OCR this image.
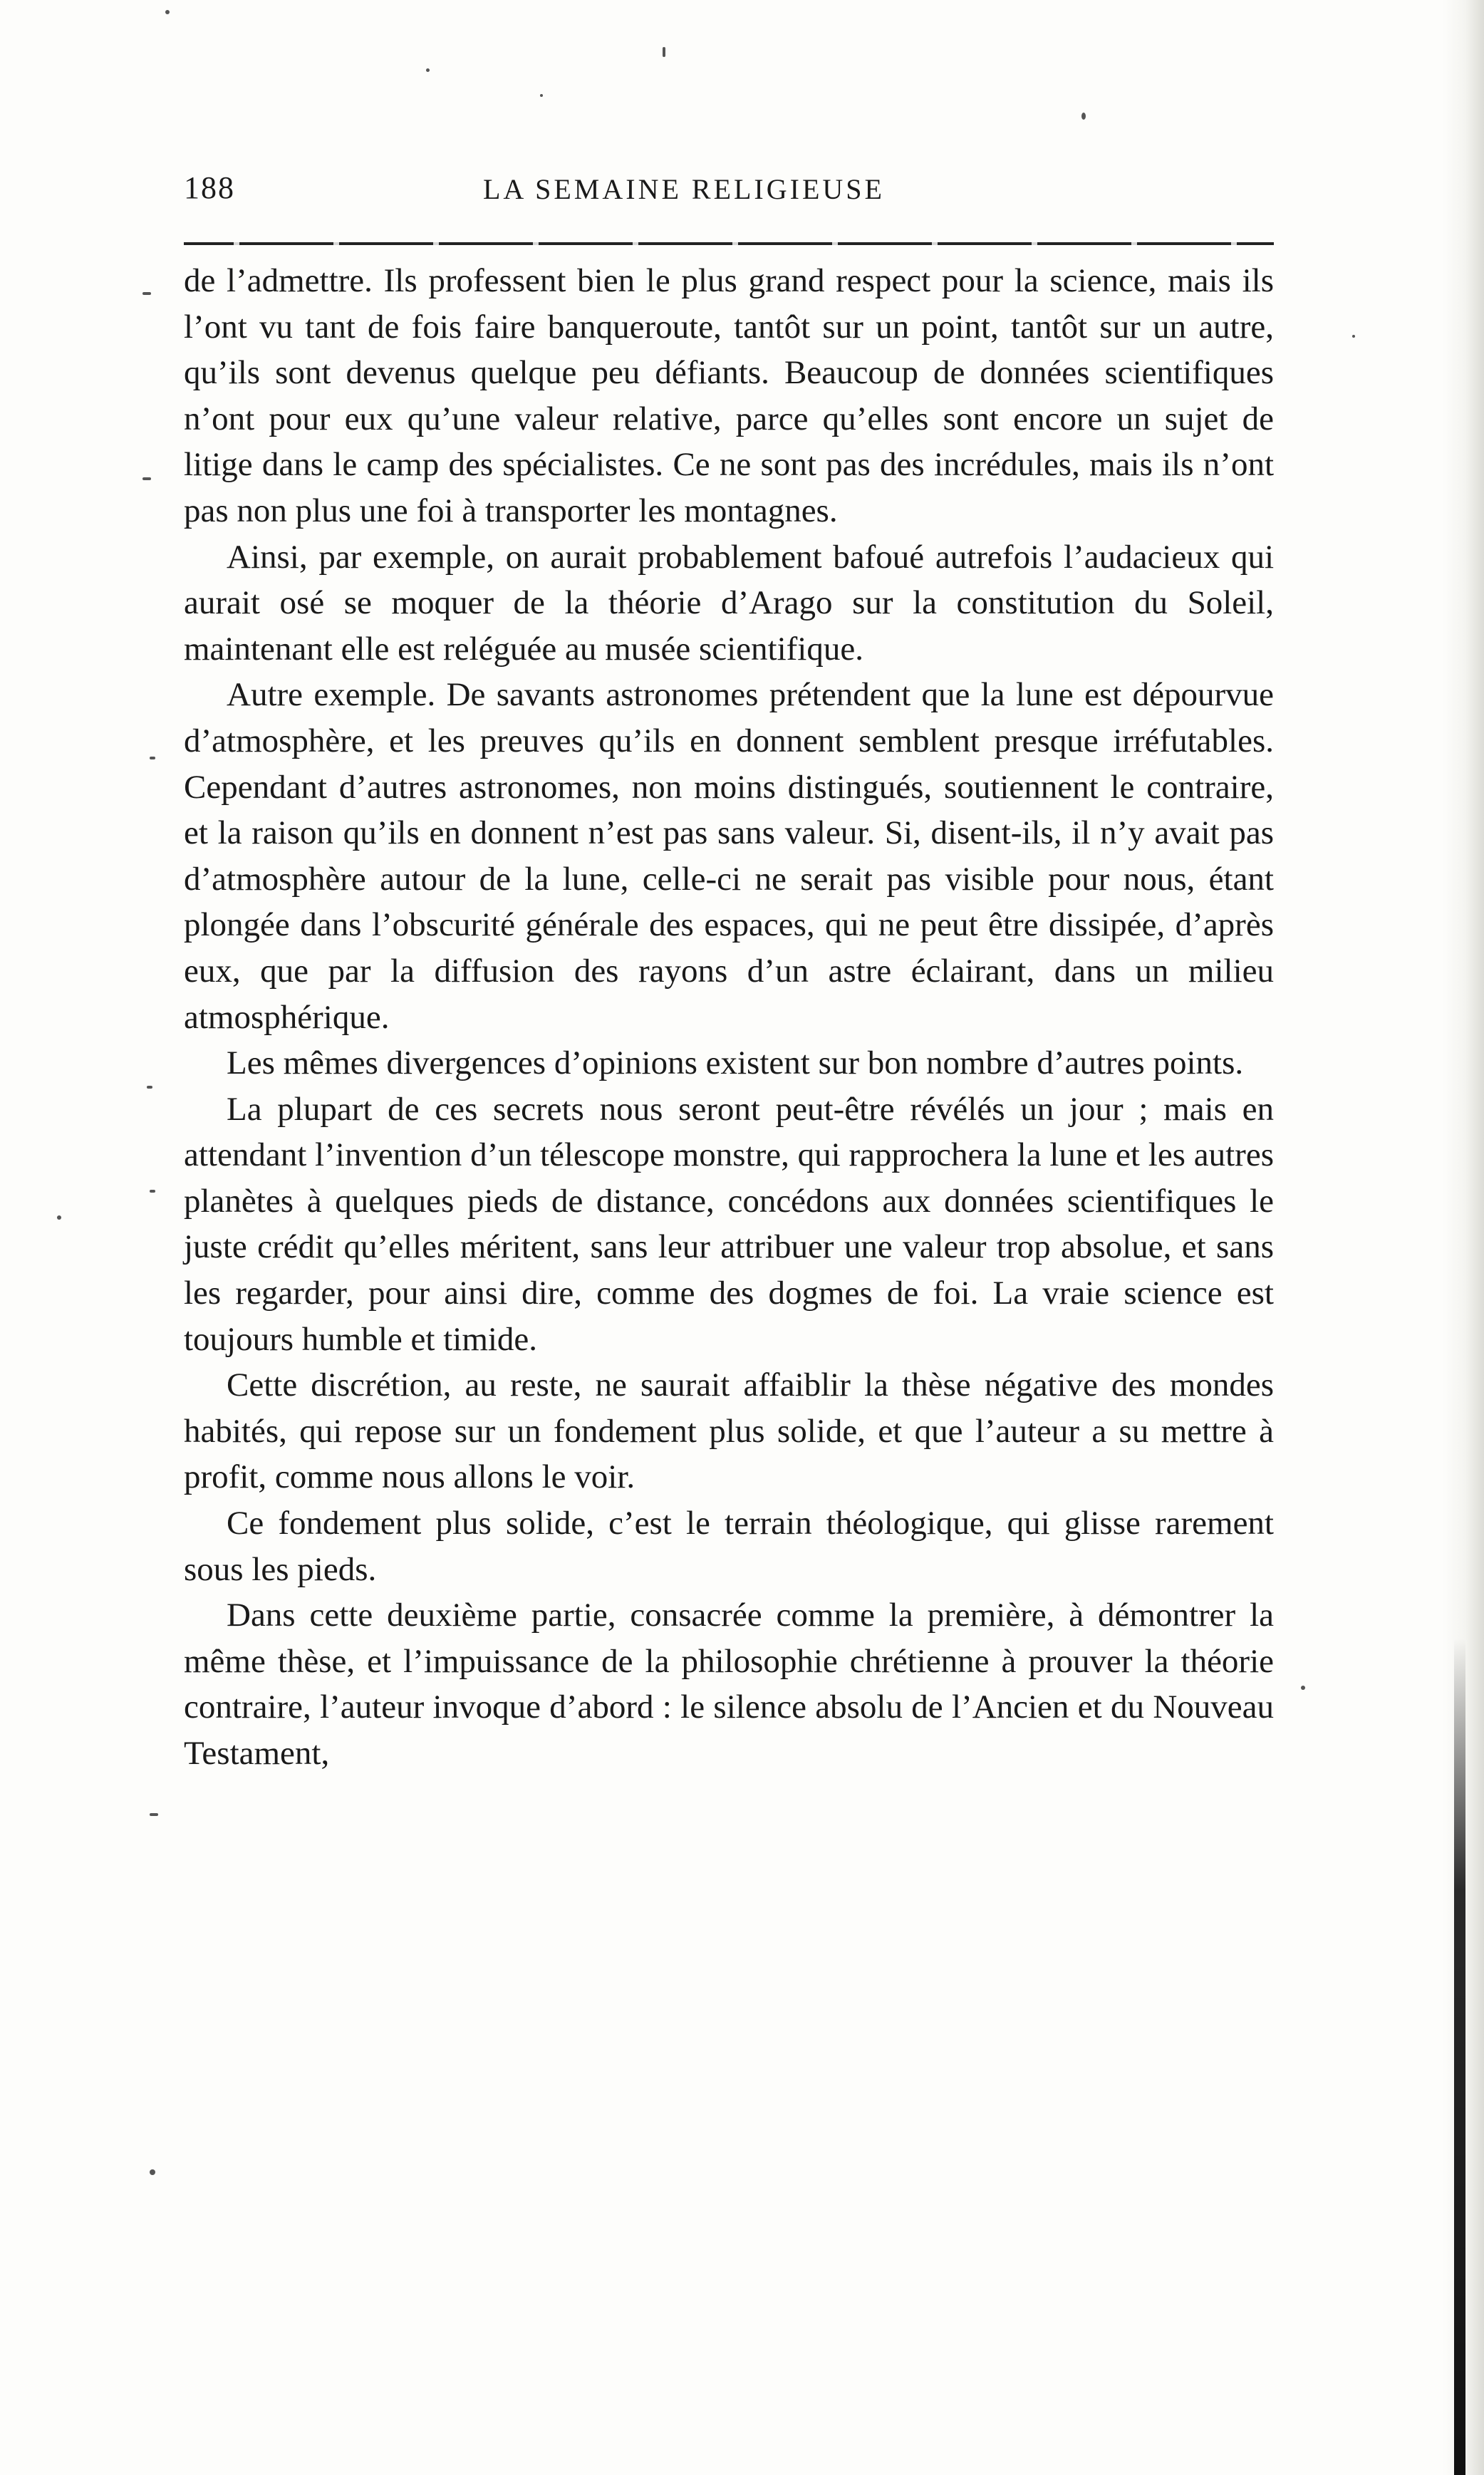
188	LA SEMAINE RELIGIEUSE

de l’admettre. Ils professent bien le plus grand respect pour la science, mais ils l’ont vu tant de fois faire banqueroute, tantôt sur un point, tantôt sur un autre, qu’ils sont devenus quelque peu défiants. Beaucoup de données scientifiques n’ont pour eux qu’une valeur relative, parce qu’elles sont encore un sujet de litige dans le camp des spécialistes. Ce ne sont pas des incrédules, mais ils n’ont pas non plus une foi à transporter les montagnes.

Ainsi, par exemple, on aurait probablement bafoué autrefois l’audacieux qui aurait osé se moquer de la théorie d’Arago sur la constitution du Soleil, maintenant elle est reléguée au musée scientifique.

Autre exemple. De savants astronomes prétendent que la lune est dépourvue d’atmosphère, et les preuves qu’ils en donnent semblent presque irréfutables. Cependant d’autres astronomes, non moins distingués, soutiennent le contraire, et la raison qu’ils en donnent n’est pas sans valeur. Si, disent-ils, il n’y avait pas d’atmosphère autour de la lune, celle-ci ne serait pas visible pour nous, étant plongée dans l’obscurité générale des espaces, qui ne peut être dissipée, d’après eux, que par la diffusion des rayons d’un astre éclairant, dans un milieu atmosphérique.

Les mêmes divergences d’opinions existent sur bon nombre d’autres points.

La plupart de ces secrets nous seront peut-être révélés un jour ; mais en attendant l’invention d’un télescope monstre, qui rapprochera la lune et les autres planètes à quelques pieds de distance, concédons aux données scientifiques le juste crédit qu’elles méritent, sans leur attribuer une valeur trop absolue, et sans les regarder, pour ainsi dire, comme des dogmes de foi. La vraie science est toujours humble et timide.

Cette discrétion, au reste, ne saurait affaiblir la thèse négative des mondes habités, qui repose sur un fondement plus solide, et que l’auteur a su mettre à profit, comme nous allons le voir.

Ce fondement plus solide, c’est le terrain théologique, qui glisse rarement sous les pieds.

Dans cette deuxième partie, consacrée comme la première, à démontrer la même thèse, et l’impuissance de la philosophie chrétienne à prouver la théorie contraire, l’auteur invoque d’abord : le silence absolu de l’Ancien et du Nouveau Testament,
